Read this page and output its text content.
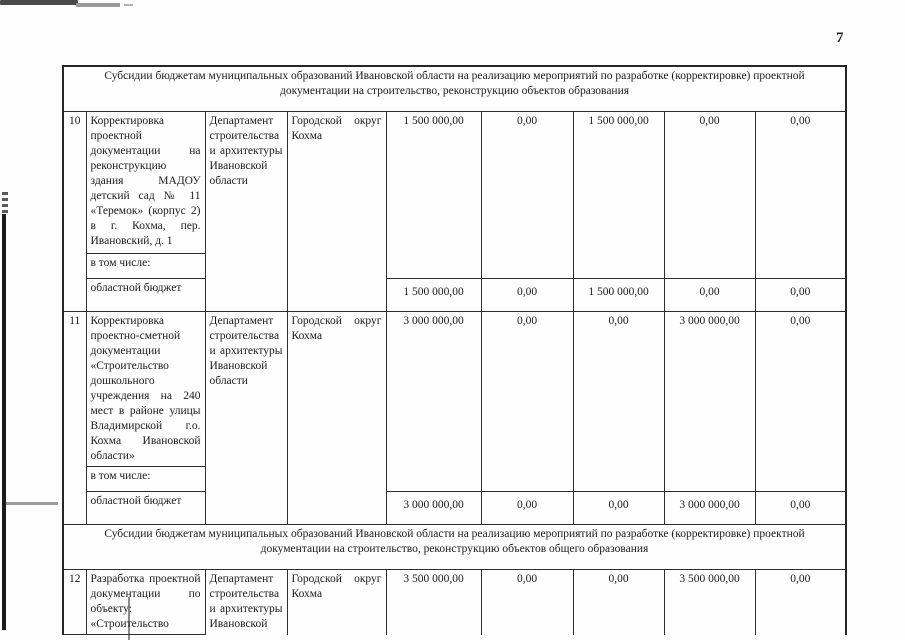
7
Субсидии бюджетам муниципальных образований Ивановской области на реализацию мероприятий по разработке (корректировке) проектной документации на строительство, реконструкцию объектов образования								
10	Корректировка проектной документации на реконструкцию здания МАДОУ детский сад № 11 «Теремок» (корпус 2) в г. Кохма, пер. Ивановский, д. 1	Департамент строительства и архитектуры Ивановской области	Городской округ Кохма	1 500 000,00	0,00	1 500 000,00	0,00	0,00
	в том числе:							
	областной бюджет			1 500 000,00	0,00	1 500 000,00	0,00	0,00
11	Корректировка проектно-сметной документации «Строительство дошкольного учреждения на 240 мест в районе улицы Владимирской г.о. Кохма Ивановской области»	Департамент строительства и архитектуры Ивановской области	Городской округ Кохма	3 000 000,00	0,00	0,00	3 000 000,00	0,00
	в том числе:							
	областной бюджет			3 000 000,00	0,00	0,00	3 000 000,00	0,00
Субсидии бюджетам муниципальных образований Ивановской области на реализацию мероприятий по разработке (корректировке) проектной документации на строительство, реконструкцию объектов общего образования								
12	Разработка проектной документации по объекту: «Строительство	Департамент строительства и архитектуры Ивановской	Городской округ Кохма	3 500 000,00	0,00	0,00	3 500 000,00	0,00
